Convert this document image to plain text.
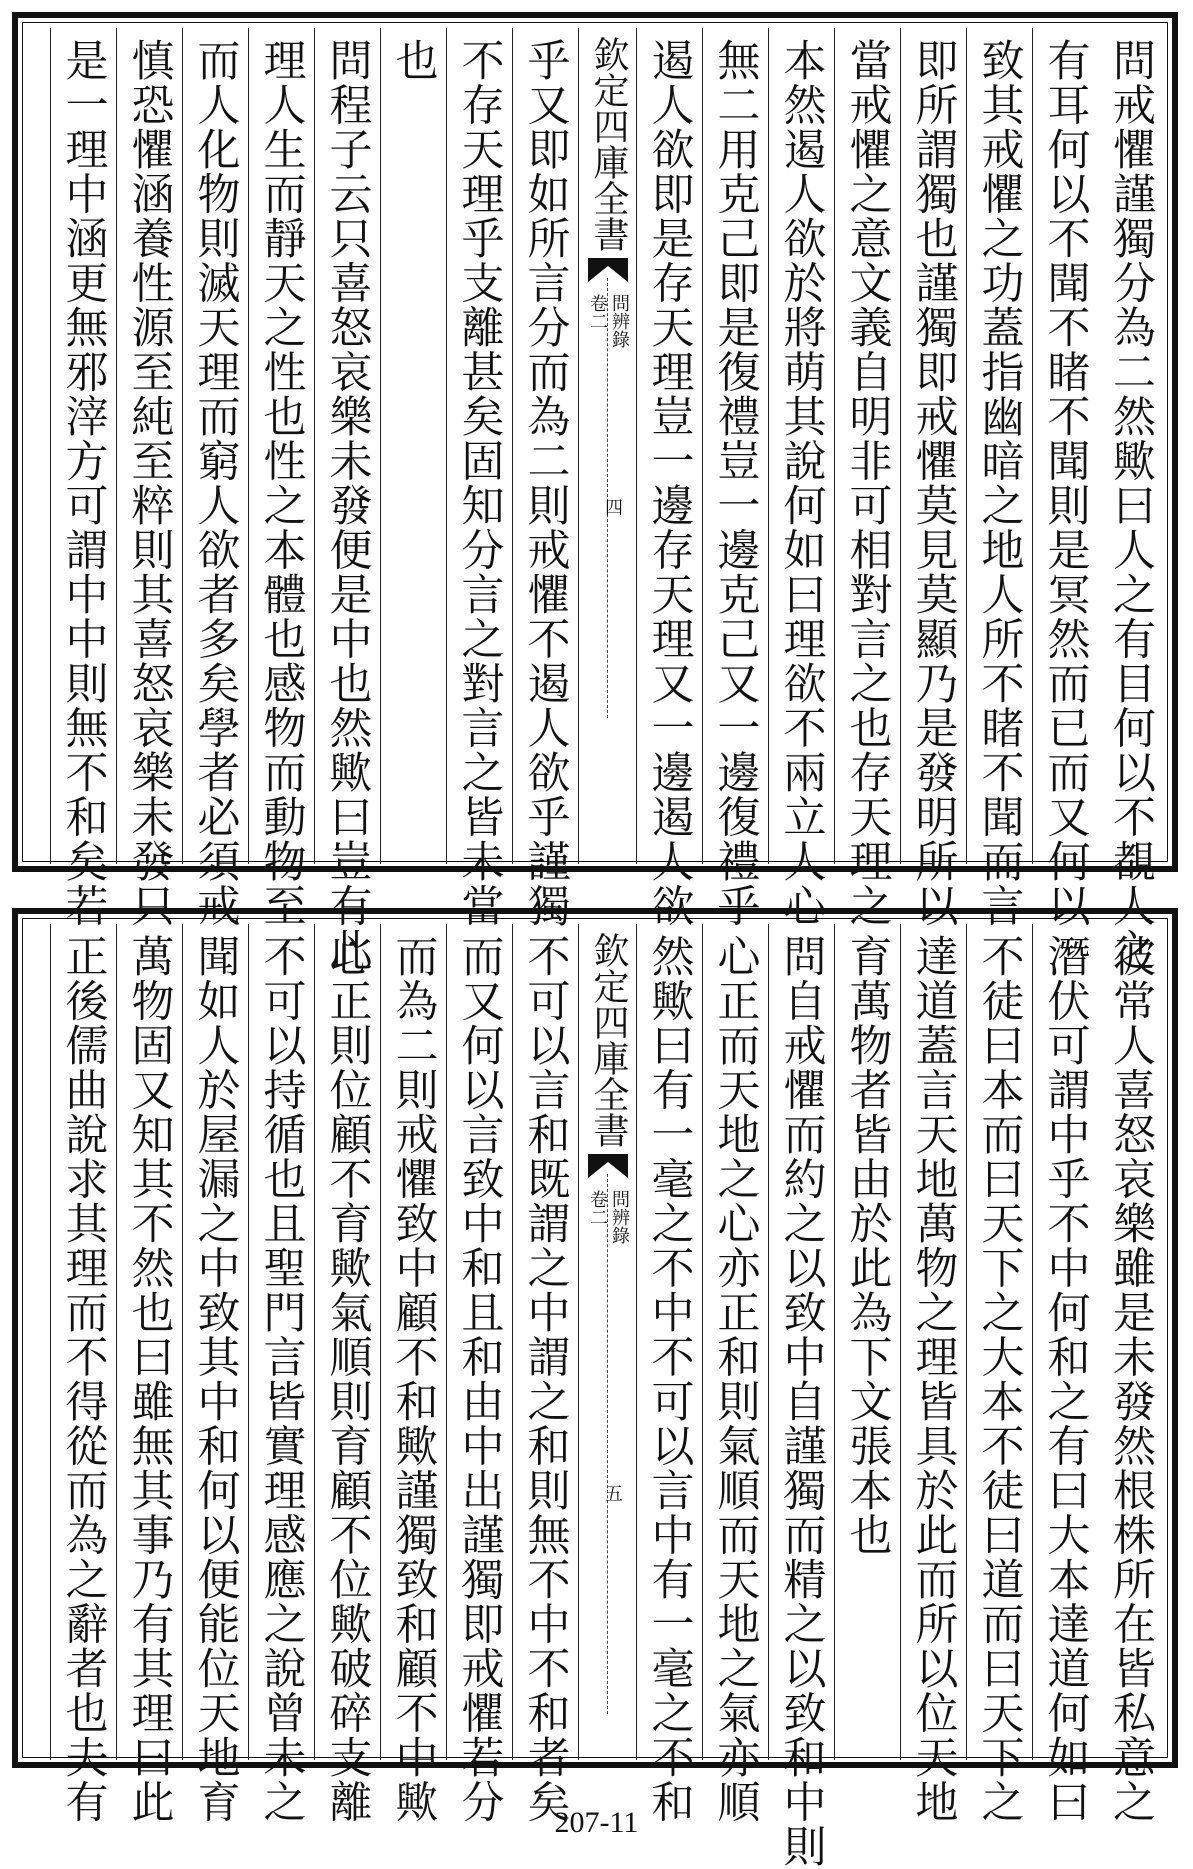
問戒懼謹獨分為二然歟曰人之有目何以不覩人之
有耳何以不聞不睹不聞則是冥然而已而又何以
致其戒懼之功蓋指幽暗之地人所不睹不聞而言
即所謂獨也謹獨即戒懼莫見莫顯乃是發明所以
當戒懼之意文義自明非可相對言之也存天理之
本然遏人欲於將萌其說何如曰理欲不兩立人心
無二用克己即是復禮豈一邊克己又一邊復禮乎
遏人欲即是存天理豈一邊存天理又一邊遏人欲
欽定四庫全書
問辨錄
卷二
四
乎又即如所言分而為二則戒懼不遏人欲乎謹獨
不存天理乎支離甚矣固知分言之對言之皆未當
也
問程子云只喜怒哀樂未發便是中也然歟曰豈有此
理人生而靜天之性也性之本體也感物而動物至
而人化物則滅天理而窮人欲者多矣學者必須戒
慎恐懼涵養性源至純至粹則其喜怒哀樂未發只
是一理中涵更無邪滓方可謂中中則無不和矣若
彼常人喜怒哀樂雖是未發然根株所在皆私意之
潛伏可謂中乎不中何和之有曰大本達道何如曰
不徒曰本而曰天下之大本不徒曰道而曰天下之
達道蓋言天地萬物之理皆具於此而所以位天地
育萬物者皆由於此為下文張本也
問自戒懼而約之以致中自謹獨而精之以致和中則
心正而天地之心亦正和則氣順而天地之氣亦順
然歟曰有一毫之不中不可以言中有一毫之不和
欽定四庫全書
問辨錄
卷二
五
不可以言和既謂之中謂之和則無不中不和者矣
而又何以言致中和且和由中出謹獨即戒懼若分
而為二則戒懼致中顧不和歟謹獨致和顧不中歟
心正則位顧不育歟氣順則育顧不位歟破碎支離
不可以持循也且聖門言皆實理感應之說曾未之
聞如人於屋漏之中致其中和何以便能位天地育
萬物固又知其不然也曰雖無其事乃有其理曰此
正後儒曲說求其理而不得從而為之辭者也夫有	207-11
